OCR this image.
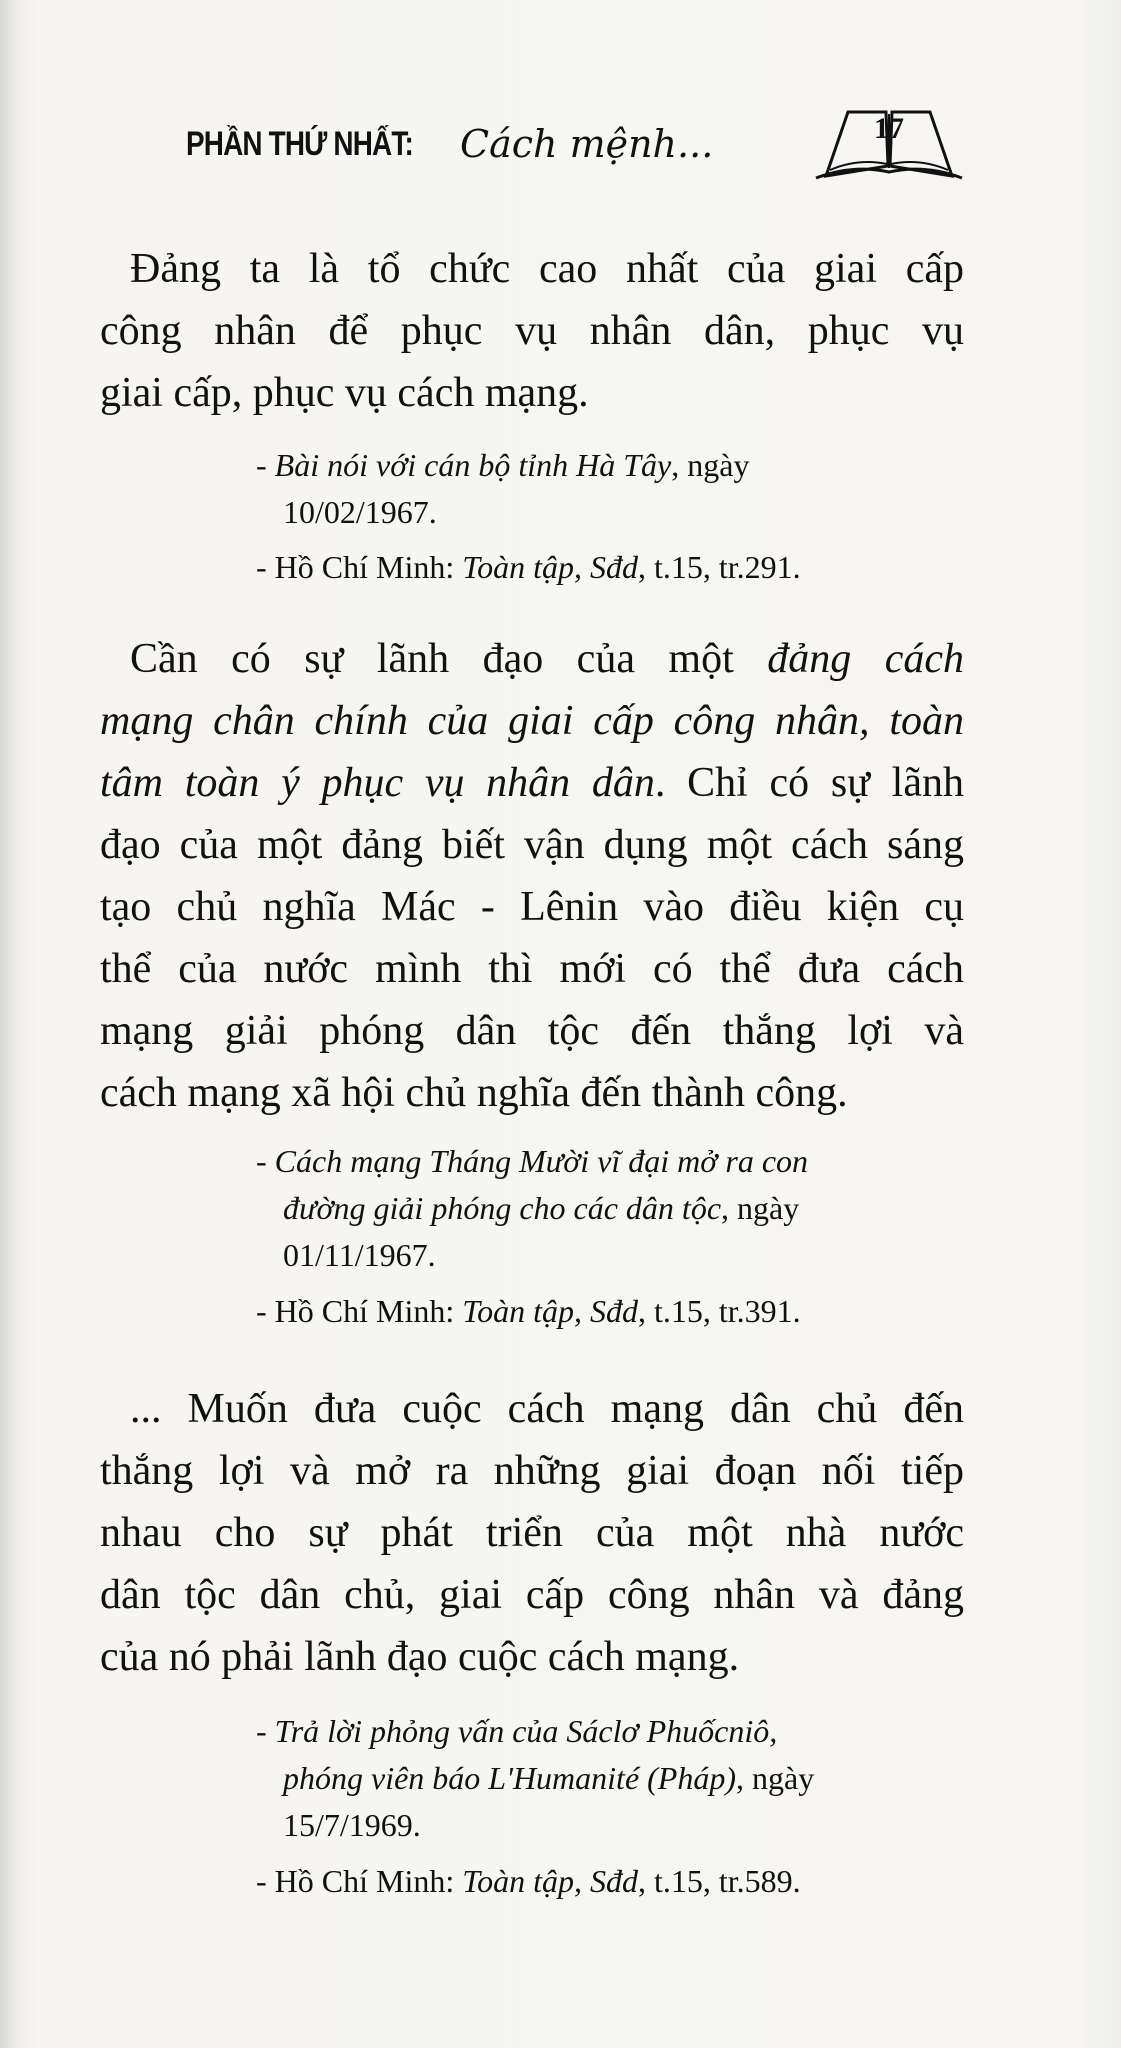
PHẦN THỨ NHẤT: Cách mệnh...	17
Đảng ta là tổ chức cao nhất của giai cấp
công nhân để phục vụ nhân dân, phục vụ
giai cấp, phục vụ cách mạng.
- Bài nói với cán bộ tỉnh Hà Tây, ngày
10/02/1967.
- Hồ Chí Minh: Toàn tập, Sđd, t.15, tr.291.
Cần có sự lãnh đạo của một đảng cách
mạng chân chính của giai cấp công nhân, toàn
tâm toàn ý phục vụ nhân dân. Chỉ có sự lãnh
đạo của một đảng biết vận dụng một cách sáng
tạo chủ nghĩa Mác - Lênin vào điều kiện cụ
thể của nước mình thì mới có thể đưa cách
mạng giải phóng dân tộc đến thắng lợi và
cách mạng xã hội chủ nghĩa đến thành công.
- Cách mạng Tháng Mười vĩ đại mở ra con
đường giải phóng cho các dân tộc, ngày
01/11/1967.
- Hồ Chí Minh: Toàn tập, Sđd, t.15, tr.391.
... Muốn đưa cuộc cách mạng dân chủ đến
thắng lợi và mở ra những giai đoạn nối tiếp
nhau cho sự phát triển của một nhà nước
dân tộc dân chủ, giai cấp công nhân và đảng
của nó phải lãnh đạo cuộc cách mạng.
- Trả lời phỏng vấn của Sáclơ Phuốcniô,
phóng viên báo L'Humanité (Pháp), ngày
15/7/1969.
- Hồ Chí Minh: Toàn tập, Sđd, t.15, tr.589.
